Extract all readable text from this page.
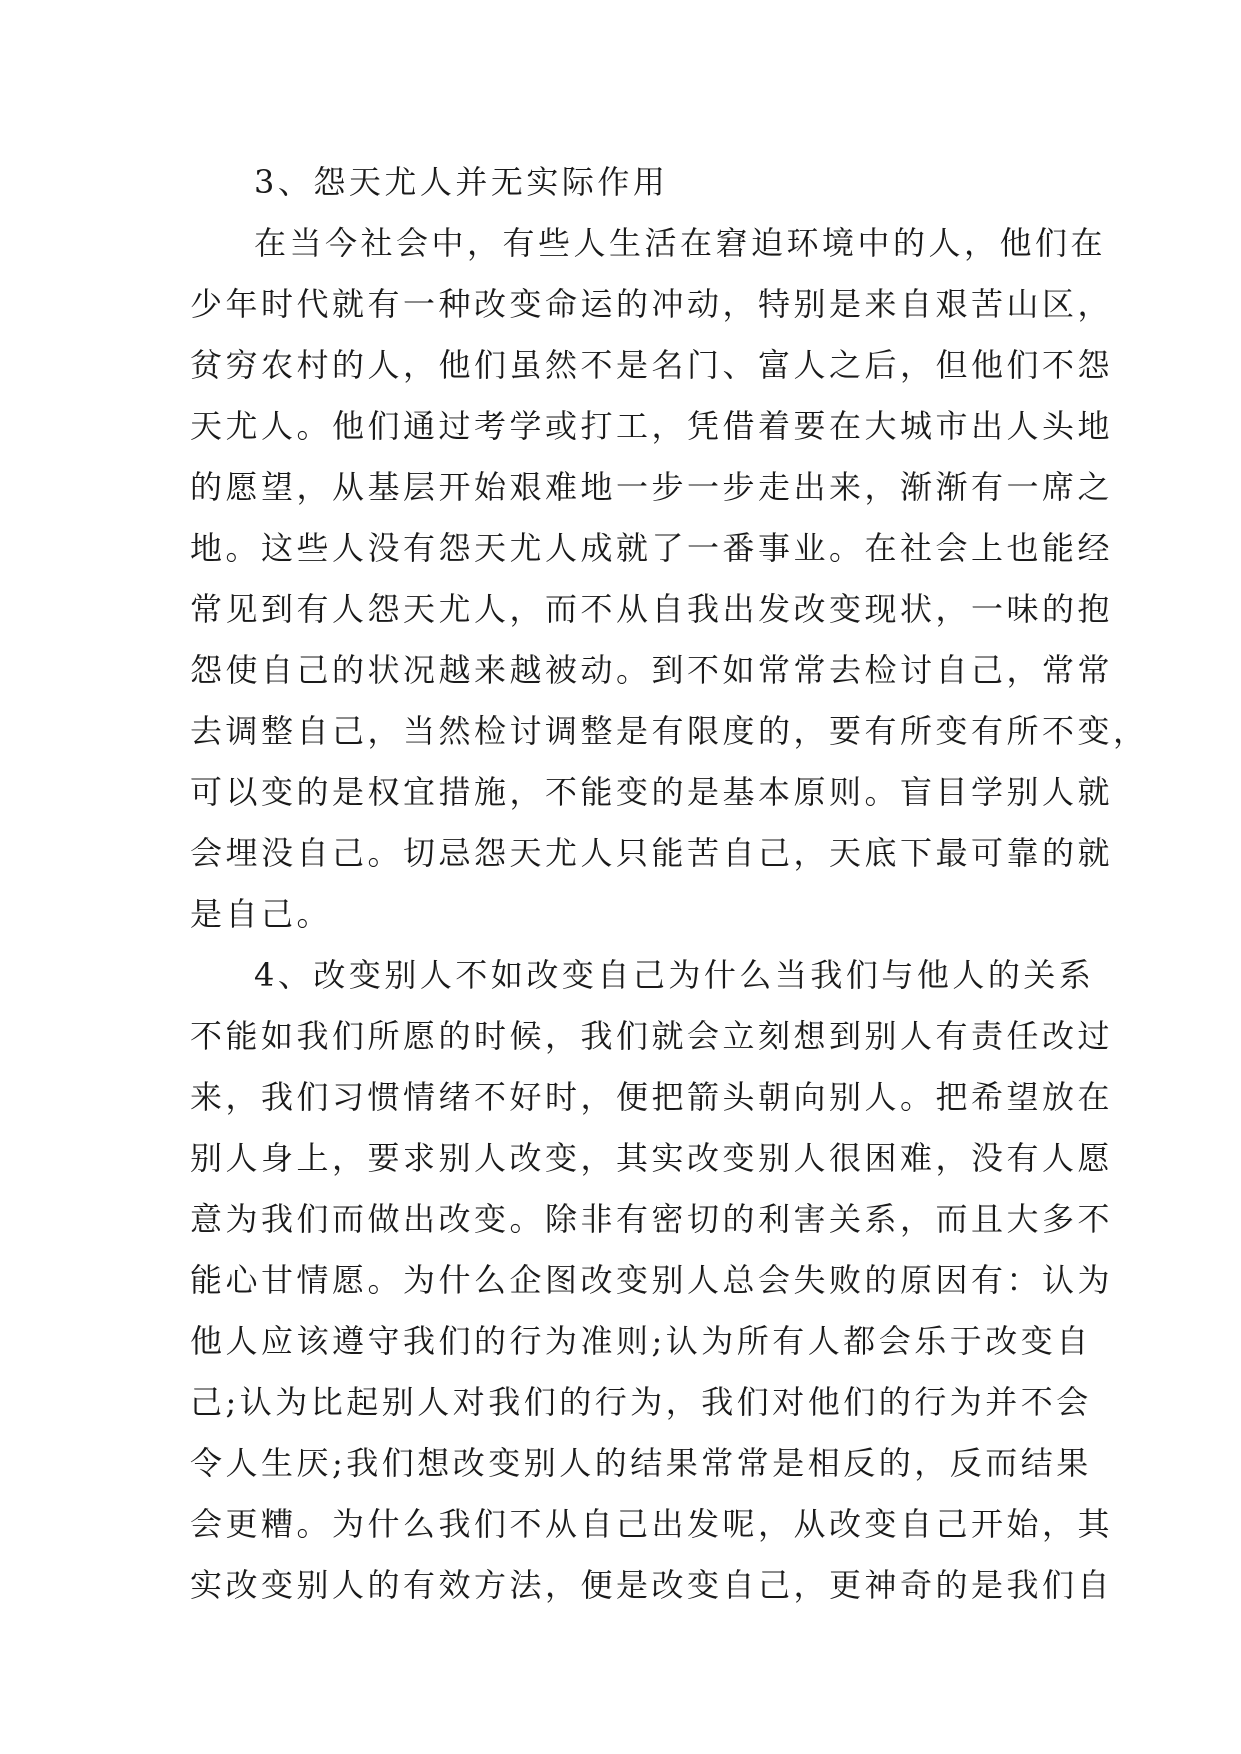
3、怨天尤人并无实际作用
在当今社会中，有些人生活在窘迫环境中的人，他们在
少年时代就有一种改变命运的冲动，特别是来自艰苦山区，
贫穷农村的人，他们虽然不是名门、富人之后，但他们不怨
天尤人。他们通过考学或打工，凭借着要在大城市出人头地
的愿望，从基层开始艰难地一步一步走出来，渐渐有一席之
地。这些人没有怨天尤人成就了一番事业。在社会上也能经
常见到有人怨天尤人，而不从自我出发改变现状，一味的抱
怨使自己的状况越来越被动。到不如常常去检讨自己，常常
去调整自己，当然检讨调整是有限度的，要有所变有所不变，
可以变的是权宜措施，不能变的是基本原则。盲目学别人就
会埋没自己。切忌怨天尤人只能苦自己，天底下最可靠的就
是自己。
4、改变别人不如改变自己为什么当我们与他人的关系
不能如我们所愿的时候，我们就会立刻想到别人有责任改过
来，我们习惯情绪不好时，便把箭头朝向别人。把希望放在
别人身上，要求别人改变，其实改变别人很困难，没有人愿
意为我们而做出改变。除非有密切的利害关系，而且大多不
能心甘情愿。为什么企图改变别人总会失败的原因有：认为
他人应该遵守我们的行为准则;认为所有人都会乐于改变自
己;认为比起别人对我们的行为，我们对他们的行为并不会
令人生厌;我们想改变别人的结果常常是相反的，反而结果
会更糟。为什么我们不从自己出发呢，从改变自己开始，其
实改变别人的有效方法，便是改变自己，更神奇的是我们自
